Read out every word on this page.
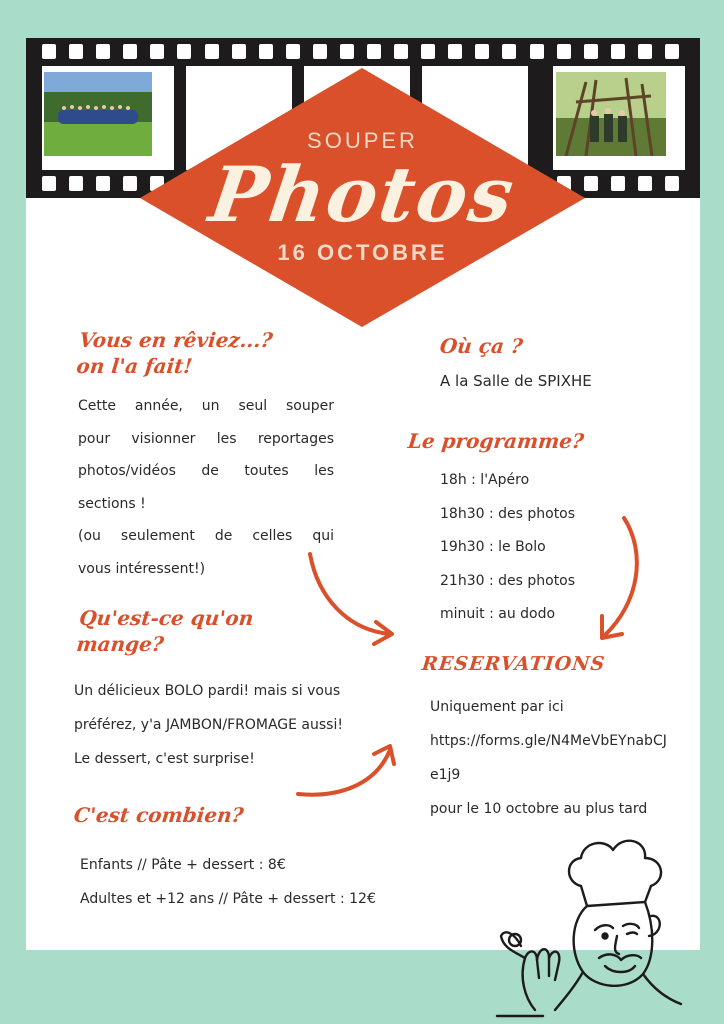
SOUPER
Photos
16 OCTOBRE
Vous en rêviez...?
on l'a fait!
Cette année, un seul souper
pour visionner les reportages
photos/vidéos de toutes les
sections !
(ou seulement de celles qui
vous intéressent!)
Qu'est-ce qu'on
mange?
Un délicieux BOLO pardi! mais si vous
préférez, y'a JAMBON/FROMAGE aussi!
Le dessert, c'est surprise!
C'est combien?
Enfants // Pâte + dessert : 8€
Adultes et +12 ans // Pâte + dessert : 12€
Où ça ?
A la Salle de SPIXHE
Le programme?
18h : l'Apéro
18h30 : des photos
19h30 : le Bolo
21h30 : des photos
minuit : au dodo
RESERVATIONS
Uniquement par ici
https://forms.gle/N4MeVbEYnabCJ
e1j9
pour le 10 octobre au plus tard
